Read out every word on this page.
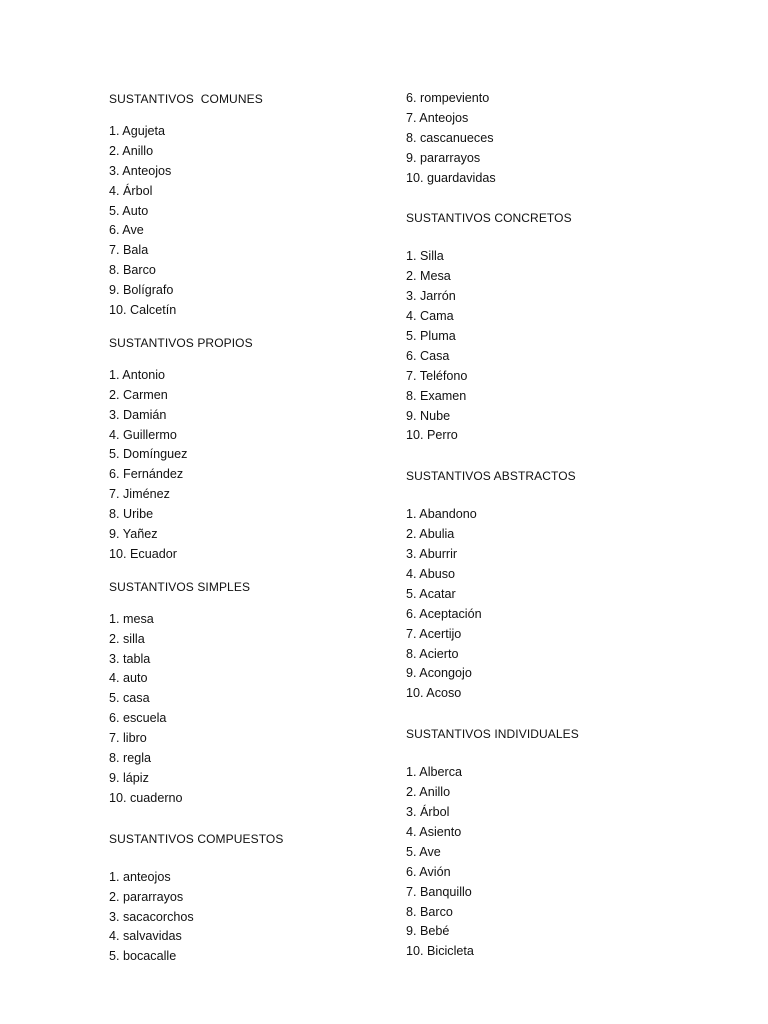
SUSTANTIVOS  COMUNES
1. Agujeta
2. Anillo
3. Anteojos
4. Árbol
5. Auto
6. Ave
7. Bala
8. Barco
9. Bolígrafo
10. Calcetín
SUSTANTIVOS PROPIOS
1. Antonio
2. Carmen
3. Damián
4. Guillermo
5. Domínguez
6. Fernández
7. Jiménez
8. Uribe
9. Yañez
10. Ecuador
SUSTANTIVOS SIMPLES
1. mesa
2. silla
3. tabla
4. auto
5. casa
6. escuela
7. libro
8. regla
9. lápiz
10. cuaderno
SUSTANTIVOS COMPUESTOS
1. anteojos
2. pararrayos
3. sacacorchos
4. salvavidas
5. bocacalle
6. rompeviento
7. Anteojos
8. cascanueces
9. pararrayos
10. guardavidas
SUSTANTIVOS CONCRETOS
1. Silla
2. Mesa
3. Jarrón
4. Cama
5. Pluma
6. Casa
7. Teléfono
8. Examen
9. Nube
10. Perro
SUSTANTIVOS ABSTRACTOS
1. Abandono
2. Abulia
3. Aburrir
4. Abuso
5. Acatar
6. Aceptación
7. Acertijo
8. Acierto
9. Acongojo
10. Acoso
SUSTANTIVOS INDIVIDUALES
1. Alberca
2. Anillo
3. Árbol
4. Asiento
5. Ave
6. Avión
7. Banquillo
8. Barco
9. Bebé
10. Bicicleta
